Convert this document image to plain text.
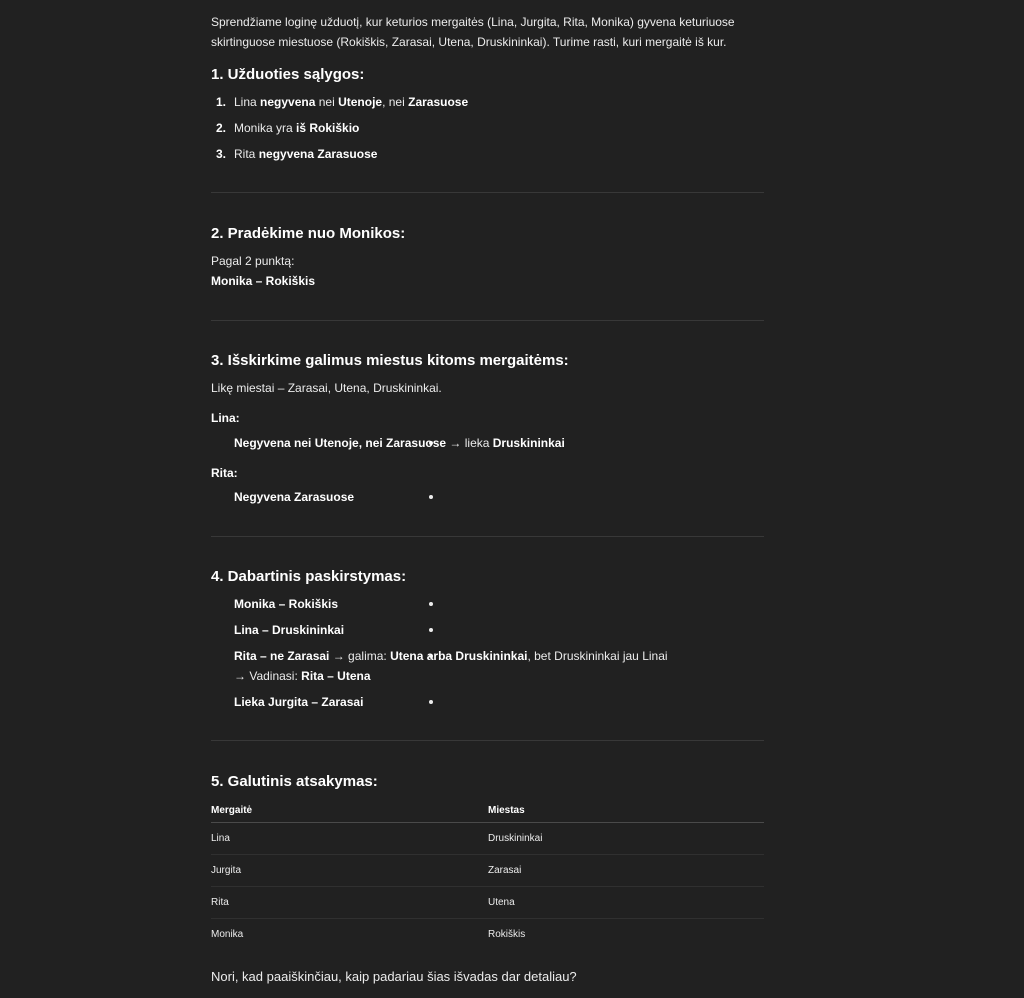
Sprendžiame loginę užduotį, kur keturios mergaitės (Lina, Jurgita, Rita, Monika) gyvena keturiuose

skirtinguose miestuose (Rokiškis, Zarasai, Utena, Druskininkai). Turime rasti, kuri mergaitė iš kur.

1. Užduoties sąlygos:
1. Lina negyvena nei Utenoje, nei Zarasuose
2. Monika yra iš Rokiškio
3. Rita negyvena Zarasuose
2. Pradėkime nuo Monikos:

Pagal 2 punktą:

Monika – Rokiškis

3. Išskirkime galimus miestus kitoms mergaitėms:

Likę miestai – Zarasai, Utena, Druskininkai.

Lina:

Negyvena nei Utenoje, nei Zarasuose → lieka Druskininkai

Rita:

Negyvena Zarasuose
4. Dabartinis paskirstymas:
Monika – Rokiškis
Lina – Druskininkai
Rita – ne Zarasai → galima: Utena arba Druskininkai, bet Druskininkai jau Linai

→ Vadinasi: Rita – Utena

Lieka Jurgita – Zarasai
5. Galutinis atsakymas:
Mergaitė	Miestas
Lina	Druskininkai
Jurgita	Zarasai
Rita	Utena
Monika	Rokiškis

Nori, kad paaiškinčiau, kaip padariau šias išvadas dar detaliau?
